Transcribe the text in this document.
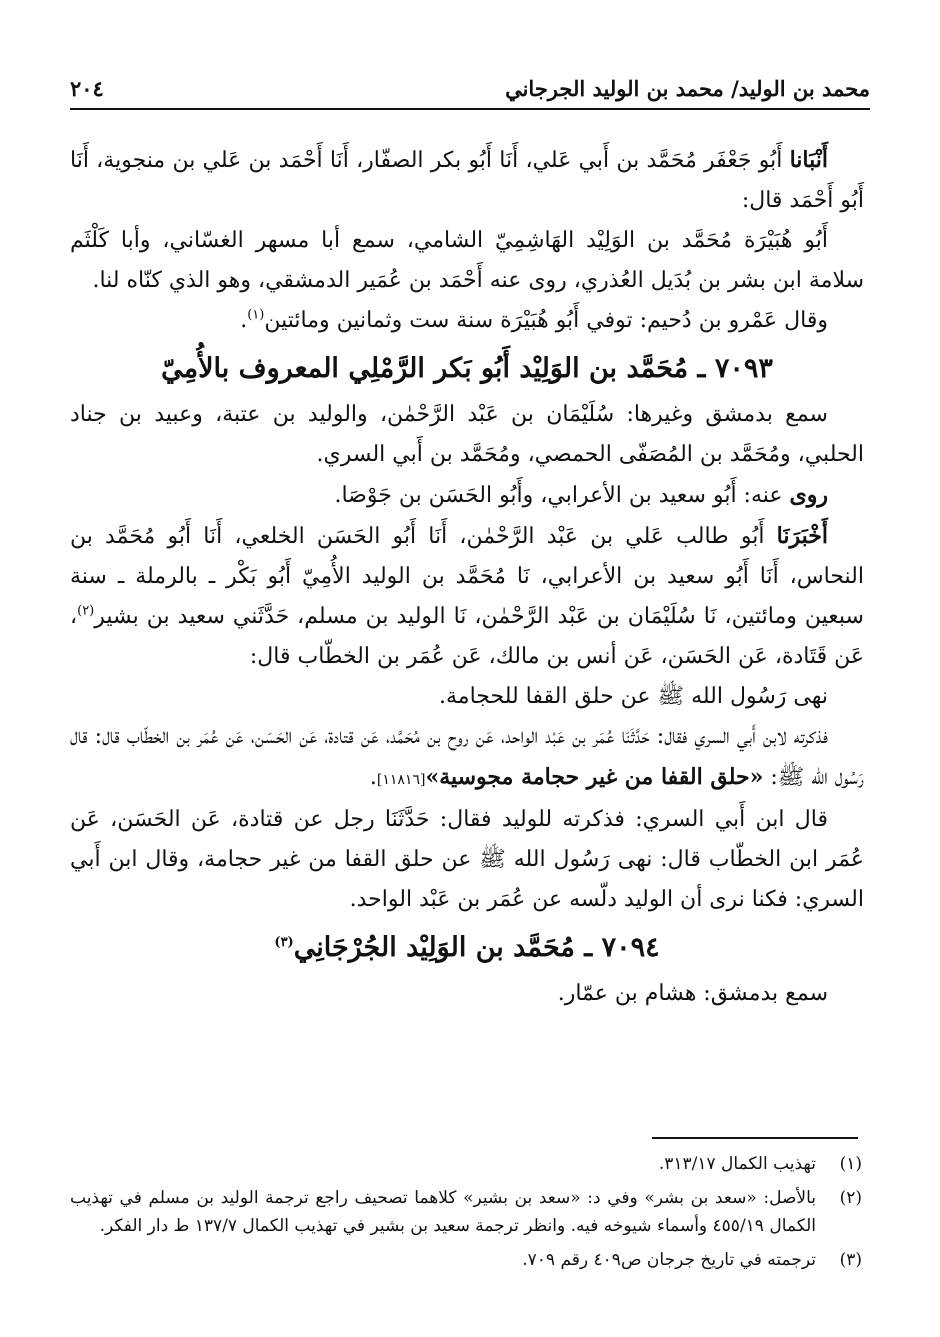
محمد بن الوليد/ محمد بن الوليد الجرجاني
٢٠٤

أَنْبَانا أَبُو جَعْفَر مُحَمَّد بن أَبي عَلي، أَنَا أَبُو بكر الصفّار، أَنَا أَحْمَد بن عَلي بن منجوية، أَنَا أَبُو أَحْمَد قال:

أَبُو هُبَيْرَة مُحَمَّد بن الوَلِيْد الهَاشِمِيّ الشامي، سمع أبا مسهر الغسّاني، وأبا كَلْثَم سلامة ابن بشر بن بُدَيل العُذري، روى عنه أَحْمَد بن عُمَير الدمشقي، وهو الذي كنّاه لنا.

وقال عَمْرو بن دُحيم: توفي أَبُو هُبَيْرَة سنة ست وثمانين ومائتين$^{(١)}$.

٧٠٩٣ ـ مُحَمَّد بن الوَلِيْد أَبُو بَكر الرَّمْلِي المعروف بالأُمِيّ

سمع بدمشق وغيرها: سُلَيْمَان بن عَبْد الرَّحْمٰن، والوليد بن عتبة، وعبيد بن جناد الحلبي، ومُحَمَّد بن المُصَفّى الحمصي، ومُحَمَّد بن أَبي السري.

روى عنه: أَبُو سعيد بن الأعرابي، وأَبُو الحَسَن بن جَوْصَا.

أَخْبَرَنَا أَبُو طالب عَلي بن عَبْد الرَّحْمٰن، أَنَا أَبُو الحَسَن الخلعي، أَنَا أَبُو مُحَمَّد بن النحاس، أَنَا أَبُو سعيد بن الأعرابي، نَا مُحَمَّد بن الوليد الأُمِيّ أَبُو بَكْر ـ بالرملة ـ سنة سبعين ومائتين، نَا سُلَيْمَان بن عَبْد الرَّحْمٰن، نَا الوليد بن مسلم، حَدَّثَني سعيد بن بشير$^{(٢)}$، عَن قَتَادة، عَن الحَسَن، عَن أنس بن مالك، عَن عُمَر بن الخطّاب قال:

نهى رَسُول الله ﷺ عن حلق القفا للحجامة.

فذكرته لابن أَبي السري فقال: حَدَّثَنَا عُمَر بن عَبْد الواحد، عَن روح بن مُحَمَّد، عَن قتادة، عَن الحَسَن، عَن عُمَر بن الخطّاب قال: قال رَسُول الله ﷺ: «حلق القفا من غير حجامة مجوسية»[١١٨١٦].

قال ابن أَبي السري: فذكرته للوليد فقال: حَدَّثَنَا رجل عن قتادة، عَن الحَسَن، عَن عُمَر ابن الخطّاب قال: نهى رَسُول الله ﷺ عن حلق القفا من غير حجامة، وقال ابن أَبي السري: فكنا نرى أن الوليد دلّسه عن عُمَر بن عَبْد الواحد.

٧٠٩٤ ـ مُحَمَّد بن الوَلِيْد الجُرْجَانِي$^{(٣)}$

سمع بدمشق: هشام بن عمّار.

(١)
تهذيب الكمال ٣١٣/١٧.
(٢)
بالأصل: «سعد بن بشر» وفي د: «سعد بن بشير» كلاهما تصحيف راجع ترجمة الوليد بن مسلم في تهذيب الكمال ٤٥٥/١٩ وأسماء شيوخه فيه. وانظر ترجمة سعيد بن بشير في تهذيب الكمال ١٣٧/٧ ط دار الفكر.
(٣)
ترجمته في تاريخ جرجان ص٤٠٩ رقم ٧٠٩.
